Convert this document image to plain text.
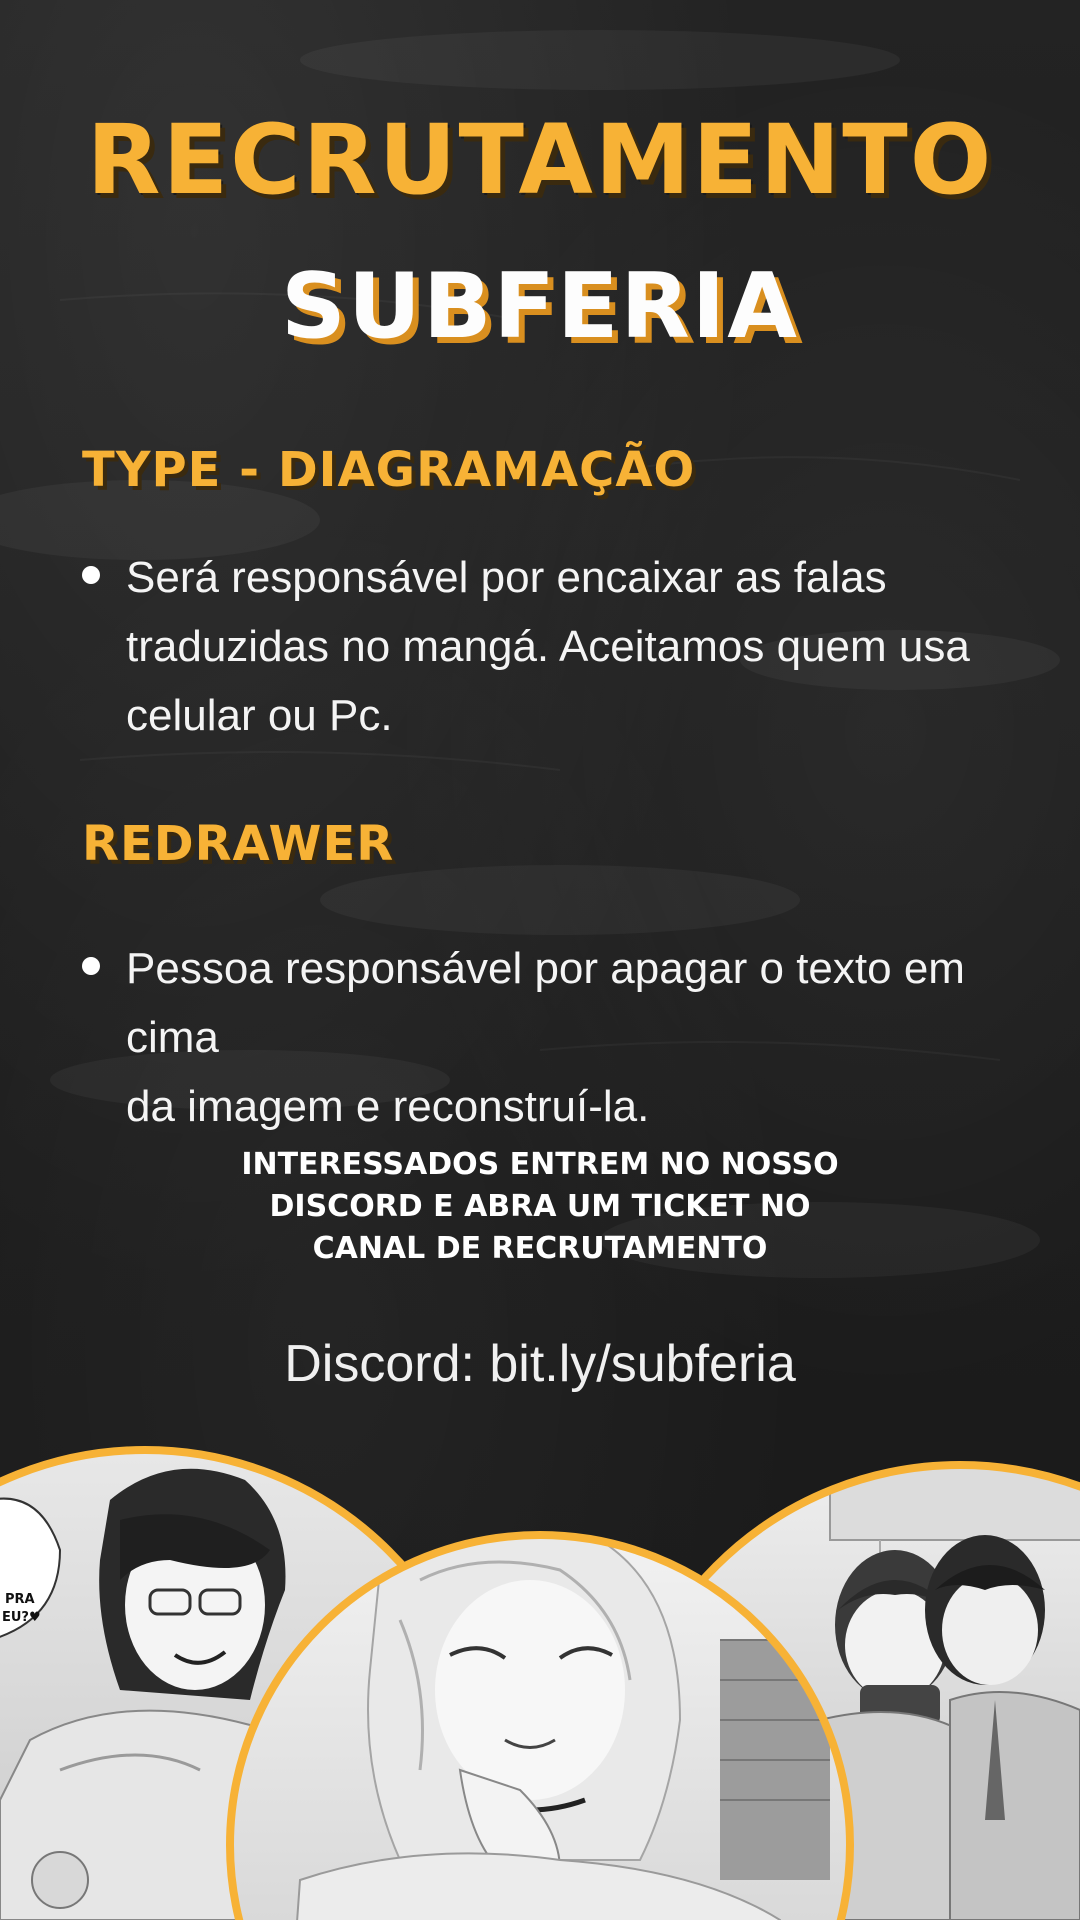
RECRUTAMENTO
SUBFERIA
TYPE - DIAGRAMAÇÃO
Será responsável por encaixar as falas
traduzidas no mangá. Aceitamos quem usa
celular ou Pc.
REDRAWER
Pessoa responsável por apagar o texto em cima
da imagem e reconstruí-la.
INTERESSADOS ENTREM NO NOSSO
DISCORD E ABRA UM TICKET NO
CANAL DE RECRUTAMENTO
Discord: bit.ly/subferia
PRA
EU?♥
